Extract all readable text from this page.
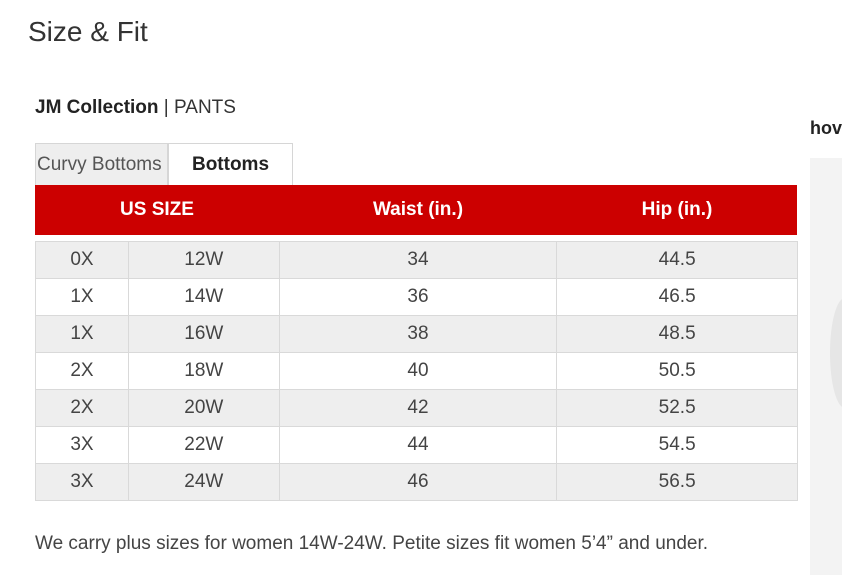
Size & Fit
JM Collection | PANTS
Curvy Bottoms	Bottoms
US SIZE	Waist (in.)	Hip (in.)
0X	12W	34	44.5
1X	14W	36	46.5
1X	16W	38	48.5
2X	18W	40	50.5
2X	20W	42	52.5
3X	22W	44	54.5
3X	24W	46	56.5
We carry plus sizes for women 14W-24W. Petite sizes fit women 5’4” and under.
hov
